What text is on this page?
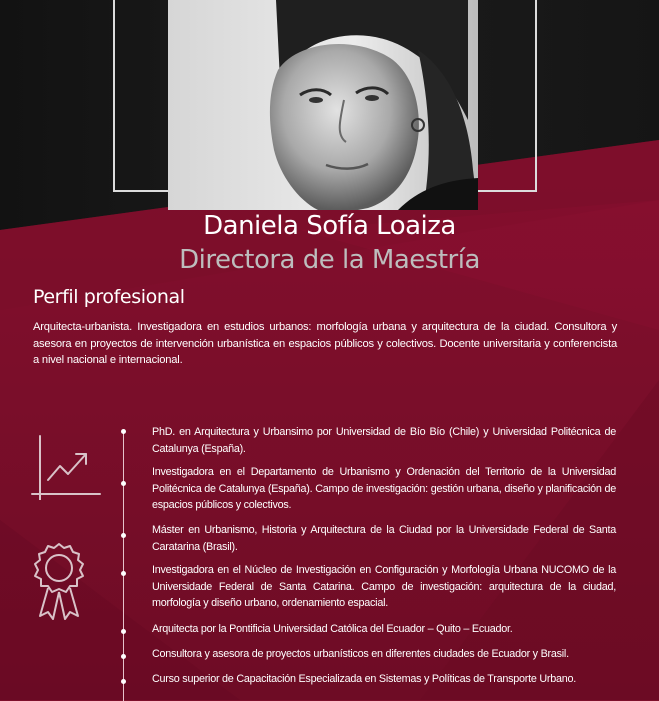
Daniela Sofía Loaiza
Directora de la Maestría
Perfil profesional

Arquitecta-urbanista. Investigadora en estudios urbanos: morfología urbana y arquitectura de la ciudad. Consultora y asesora en proyectos de intervención urbanística en espacios públicos y colectivos. Docente universitaria y conferencista a nivel nacional e internacional.

PhD. en Arquitectura y Urbansimo por Universidad de Bío Bío (Chile) y Universidad Politécnica de Catalunya (España).
Investigadora en el Departamento de Urbanismo y Ordenación del Territorio de la Universidad Politécnica de Catalunya (España). Campo de investigación: gestión urbana, diseño y planificación de espacios públicos y colectivos.
Máster en Urbanismo, Historia y Arquitectura de la Ciudad por la Universidade Federal de Santa Caratarina (Brasil).
Investigadora en el Núcleo de Investigación en Configuración y Morfología Urbana NUCOMO de la Universidade Federal de Santa Catarina. Campo de investigación: arquitectura de la ciudad, morfología y diseño urbano, ordenamiento espacial.
Arquitecta por la Pontificia Universidad Católica del Ecuador – Quito – Ecuador.
Consultora y asesora de proyectos urbanísticos en diferentes ciudades de Ecuador y Brasil.
Curso superior de Capacitación Especializada en Sistemas y Políticas de Transporte Urbano.
